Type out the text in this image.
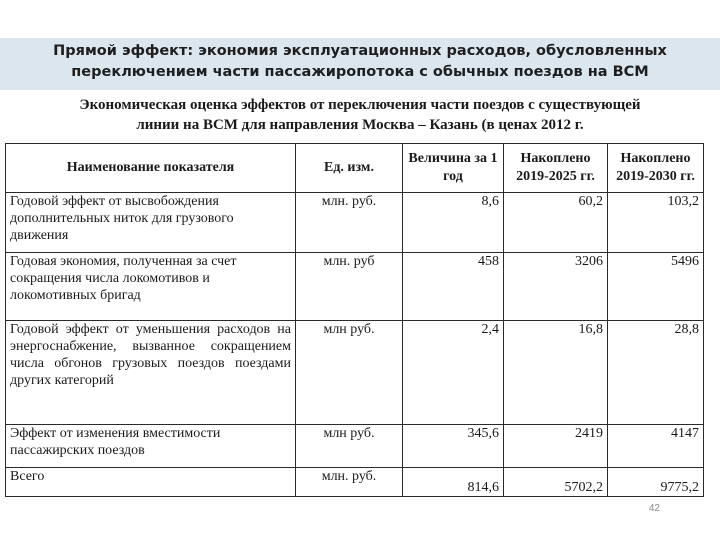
Прямой эффект: экономия эксплуатационных расходов, обусловленных
переключением части пассажиропотока с обычных поездов на ВСМ
Экономическая оценка эффектов от переключения части поездов с существующей
линии на ВСМ для направления Москва – Казань (в ценах 2012 г.
Наименование показателя	Ед. изм.	Величина за 1 год	Накоплено 2019-2025 гг.	Накоплено 2019-2030 гг.
Годовой эффект от высвобождения дополнительных ниток для грузового движения	млн. руб.	8,6	60,2	103,2
Годовая экономия, полученная за счет сокращения числа локомотивов и локомотивных бригад	млн. руб	458	3206	5496
Годовой эффект от уменьшения расходов на энергоснабжение, вызванное сокращением числа обгонов грузовых поездов поездами других категорий	млн руб.	2,4	16,8	28,8
Эффект от изменения вместимости пассажирских поездов	млн руб.	345,6	2419	4147
Всего	млн. руб.	814,6	5702,2	9775,2
42
